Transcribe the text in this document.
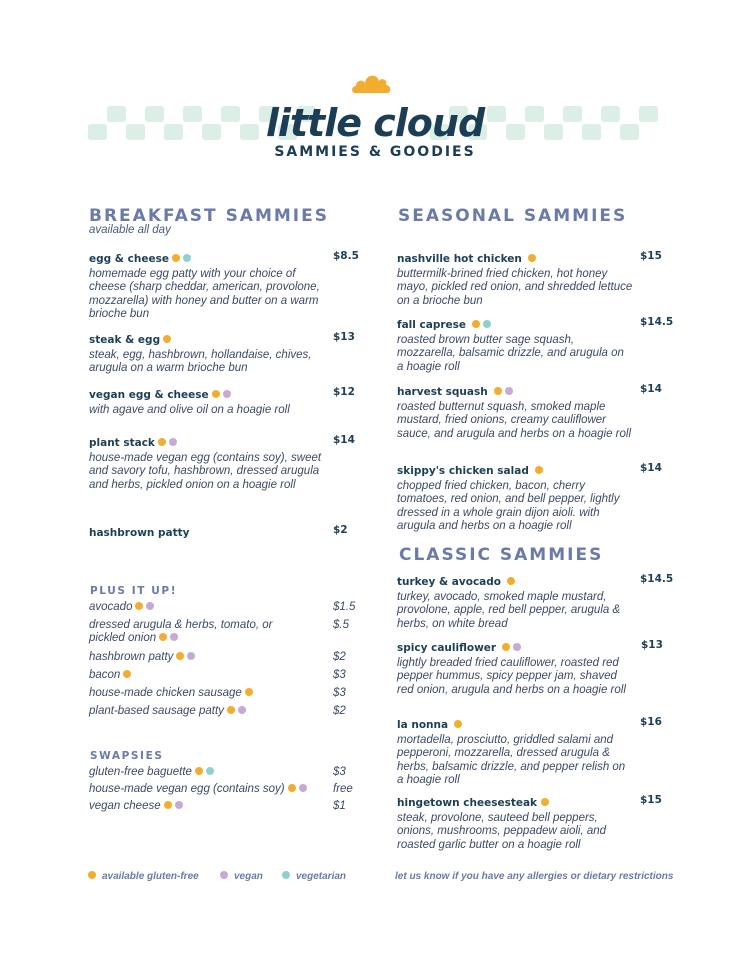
little cloud
SAMMIES & GOODIES
BREAKFAST SAMMIES
available all day
egg & cheese
homemade egg patty with your choice of cheese (sharp cheddar, american, provolone, mozzarella) with honey and butter on a warm brioche bun
$8.5
steak & egg
steak, egg, hashbrown, hollandaise, chives, arugula on a warm brioche bun
$13
vegan egg & cheese
with agave and olive oil on a hoagie roll
$12
plant stack
house-made vegan egg (contains soy), sweet and savory tofu, hashbrown, dressed arugula and herbs, pickled onion on a hoagie roll
$14
hashbrown patty	$2
PLUS IT UP!
avocado	$1.5
dressed arugula & herbs, tomato, or
pickled onion
$.5
hashbrown patty	$2
bacon	$3
house-made chicken sausage	$3
plant-based sausage patty	$2
SWAPSIES
gluten-free baguette	$3
house-made vegan egg (contains soy)	free
vegan cheese	$1
SEASONAL SAMMIES
nashville hot chicken
buttermilk-brined fried chicken, hot honey mayo, pickled red onion, and shredded lettuce on a brioche bun
$15
fall caprese
roasted brown butter sage squash, mozzarella, balsamic drizzle, and arugula on a hoagie roll
$14.5
harvest squash
roasted butternut squash, smoked maple mustard, fried onions, creamy cauliflower sauce, and arugula and herbs on a hoagie roll
$14
skippy's chicken salad
chopped fried chicken, bacon, cherry tomatoes, red onion, and bell pepper, lightly dressed in a whole grain dijon aioli. with arugula and herbs on a hoagie roll
$14
CLASSIC SAMMIES
turkey & avocado
turkey, avocado, smoked maple mustard, provolone, apple, red bell pepper, arugula & herbs, on white bread
$14.5
spicy cauliflower
lightly breaded fried cauliflower, roasted red pepper hummus, spicy pepper jam, shaved red onion, arugula and herbs on a hoagie roll
$13
la nonna
mortadella, prosciutto, griddled salami and pepperoni, mozzarella, dressed arugula & herbs, balsamic drizzle, and pepper relish on a hoagie roll
$16
hingetown cheesesteak
steak, provolone, sauteed bell peppers, onions, mushrooms, peppadew aioli, and roasted garlic butter on a hoagie roll
$15
available gluten-free	vegan	vegetarian	let us know if you have any allergies or dietary restrictions
